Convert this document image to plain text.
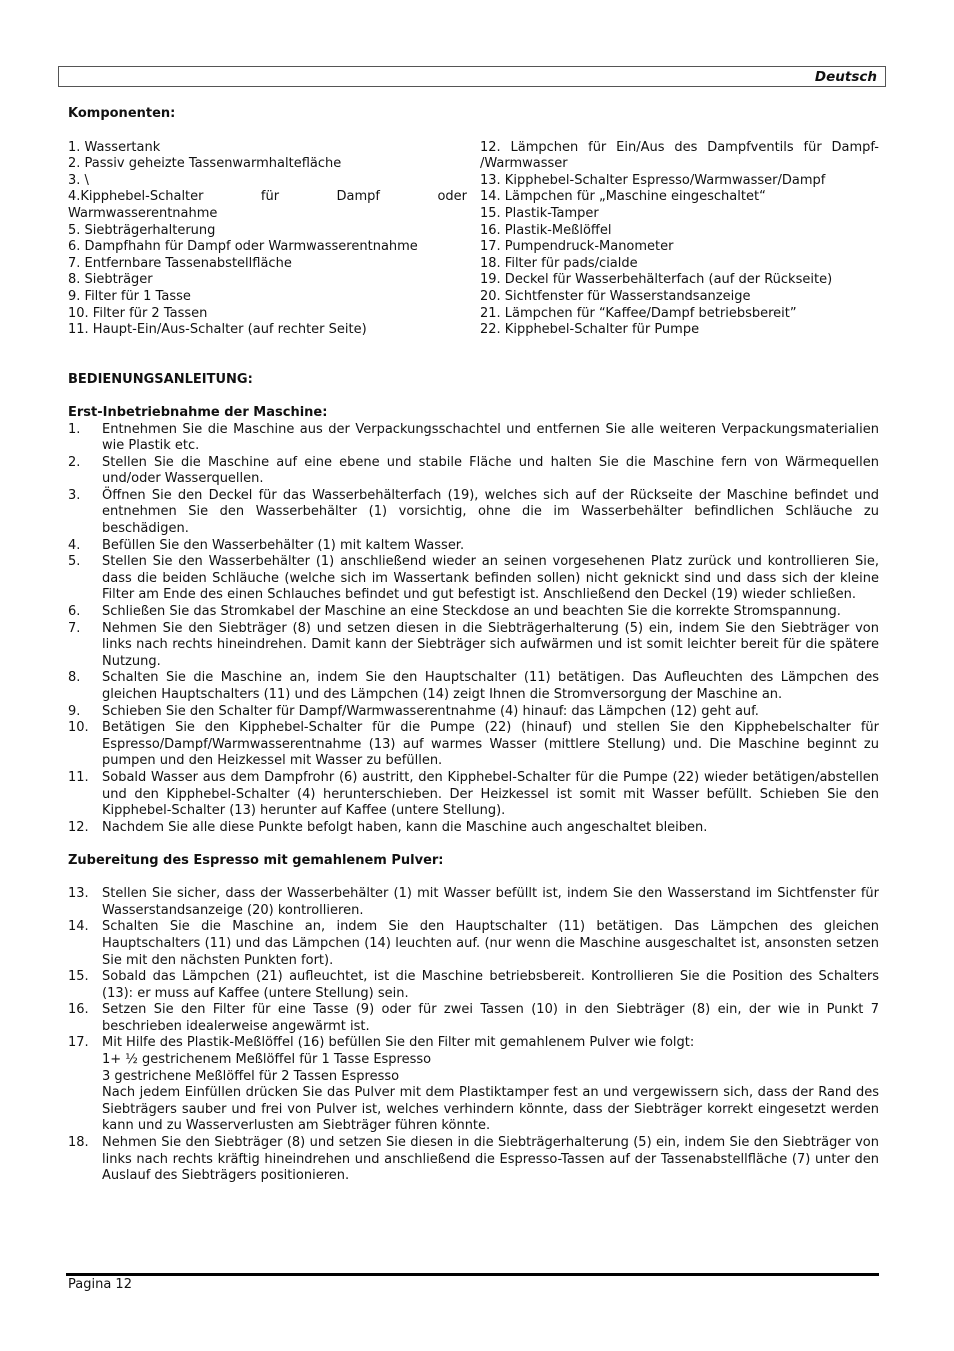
Deutsch

Komponenten:

1. Wassertank

2. Passiv geheizte Tassenwarmhaltefläche

3. \

4.Kipphebel-Schalter für Dampf oder

Warmwasserentnahme

5. Siebträgerhalterung

6. Dampfhahn für Dampf oder Warmwasserentnahme

7. Entfernbare Tassenabstellfläche

8. Siebträger

9. Filter für 1 Tasse

10. Filter für 2 Tassen

11. Haupt-Ein/Aus-Schalter (auf rechter Seite)

12. Lämpchen für Ein/Aus des Dampfventils für Dampf-

/Warmwasser

13. Kipphebel-Schalter Espresso/Warmwasser/Dampf

14. Lämpchen für „Maschine eingeschaltet“

15. Plastik-Tamper

16. Plastik-Meßlöffel

17. Pumpendruck-Manometer

18. Filter für pads/cialde

19. Deckel für Wasserbehälterfach (auf der Rückseite)

20. Sichtfenster für Wasserstandsanzeige

21. Lämpchen für “Kaffee/Dampf betriebsbereit”

22. Kipphebel-Schalter für Pumpe

BEDIENUNGSANLEITUNG:

Erst-Inbetriebnahme der Maschine:

1.	Entnehmen Sie die Maschine aus der Verpackungsschachtel und entfernen Sie alle weiteren Verpackungsmaterialien wie Plastik etc.
2.	Stellen Sie die Maschine auf eine ebene und stabile Fläche und halten Sie die Maschine fern von Wärmequellen und/oder Wasserquellen.
3.	Öffnen Sie den Deckel für das Wasserbehälterfach (19), welches sich auf der Rückseite der Maschine befindet und entnehmen Sie den Wasserbehälter (1) vorsichtig, ohne die im Wasserbehälter befindlichen Schläuche zu beschädigen.
4.	Befüllen Sie den Wasserbehälter (1) mit kaltem Wasser.
5.	Stellen Sie den Wasserbehälter (1) anschließend wieder an seinen vorgesehenen Platz zurück und kontrollieren Sie, dass die beiden Schläuche (welche sich im Wassertank befinden sollen) nicht geknickt sind und dass sich der kleine Filter am Ende des einen Schlauches befindet und gut befestigt ist. Anschließend den Deckel (19) wieder schließen.
6.	Schließen Sie das Stromkabel der Maschine an eine Steckdose an und beachten Sie die korrekte Stromspannung.
7.	Nehmen Sie den Siebträger (8) und setzen diesen in die Siebträgerhalterung (5) ein, indem Sie den Siebträger von links nach rechts hineindrehen. Damit kann der Siebträger sich aufwärmen und ist somit leichter bereit für die spätere Nutzung.
8.	Schalten Sie die Maschine an, indem Sie den Hauptschalter (11) betätigen. Das Aufleuchten des Lämpchen des gleichen Hauptschalters (11) und des Lämpchen (14) zeigt Ihnen die Stromversorgung der Maschine an.
9.	Schieben Sie den Schalter für Dampf/Warmwasserentnahme (4) hinauf: das Lämpchen (12) geht auf.
10.	Betätigen Sie den Kipphebel-Schalter für die Pumpe (22) (hinauf) und stellen Sie den Kipphebelschalter für Espresso/Dampf/Warmwasserentnahme (13) auf warmes Wasser (mittlere Stellung) und. Die Maschine beginnt zu pumpen und den Heizkessel mit Wasser zu befüllen.
11.	Sobald Wasser aus dem Dampfrohr (6) austritt, den Kipphebel-Schalter für die Pumpe (22) wieder betätigen/abstellen und den Kipphebel-Schalter (4) herunterschieben. Der Heizkessel ist somit mit Wasser befüllt. Schieben Sie den Kipphebel-Schalter (13) herunter auf Kaffee (untere Stellung).
12.	Nachdem Sie alle diese Punkte befolgt haben, kann die Maschine auch angeschaltet bleiben.

Zubereitung des Espresso mit gemahlenem Pulver:

13.	Stellen Sie sicher, dass der Wasserbehälter (1) mit Wasser befüllt ist, indem Sie den Wasserstand im Sichtfenster für Wasserstandsanzeige (20) kontrollieren.
14.	Schalten Sie die Maschine an, indem Sie den Hauptschalter (11) betätigen. Das Lämpchen des gleichen Hauptschalters (11) und das Lämpchen (14) leuchten auf. (nur wenn die Maschine ausgeschaltet ist, ansonsten setzen Sie mit den nächsten Punkten fort).
15.	Sobald das Lämpchen (21) aufleuchtet, ist die Maschine betriebsbereit. Kontrollieren Sie die Position des Schalters (13): er muss auf Kaffee (untere Stellung) sein.
16.	Setzen Sie den Filter für eine Tasse (9) oder für zwei Tassen (10) in den Siebträger (8) ein, der wie in Punkt 7 beschrieben idealerweise angewärmt ist.
17.	Mit Hilfe des Plastik-Meßlöffel (16) befüllen Sie den Filter mit gemahlenem Pulver wie folgt:
1+ ½ gestrichenem Meßlöffel für 1 Tasse Espresso
3 gestrichene Meßlöffel für 2 Tassen Espresso
Nach jedem Einfüllen drücken Sie das Pulver mit dem Plastiktamper fest an und vergewissern sich, dass der Rand des Siebträgers sauber und frei von Pulver ist, welches verhindern könnte, dass der Siebträger korrekt eingesetzt werden kann und zu Wasserverlusten am Siebträger führen könnte.
18.	Nehmen Sie den Siebträger (8) und setzen Sie diesen in die Siebträgerhalterung (5) ein, indem Sie den Siebträger von links nach rechts kräftig hineindrehen und anschließend die Espresso-Tassen auf der Tassenabstellfläche (7) unter den Auslauf des Siebträgers positionieren.
Pagina 12
